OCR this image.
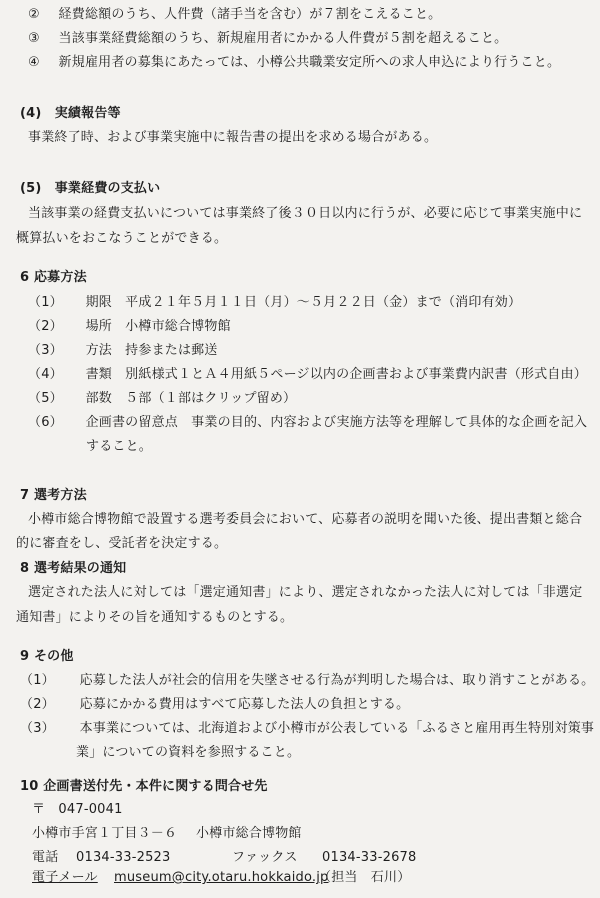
② 経費総額のうち、人件費（諸手当を含む）が７割をこえること。
③ 当該事業経費総額のうち、新規雇用者にかかる人件費が５割を超えること。
④ 新規雇用者の募集にあたっては、小樽公共職業安定所への求人申込により行うこと。
(4)　実績報告等
事業終了時、および事業実施中に報告書の提出を求める場合がある。
(5)　事業経費の支払い
当該事業の経費支払いについては事業終了後３０日以内に行うが、必要に応じて事業実施中に
概算払いをおこなうことができる。
6 応募方法
（1） 期限　平成２１年５月１１日（月）～５月２２日（金）まで（消印有効）
（2） 場所　小樽市総合博物館
（3） 方法　持参または郵送
（4） 書類　別紙様式１とＡ４用紙５ページ以内の企画書および事業費内訳書（形式自由）
（5） 部数　５部（１部はクリップ留め）
（6） 企画書の留意点　事業の目的、内容および実施方法等を理解して具体的な企画を記入
すること。
7 選考方法
小樽市総合博物館で設置する選考委員会において、応募者の説明を聞いた後、提出書類と総合
的に審査をし、受託者を決定する。
8 選考結果の通知
選定された法人に対しては「選定通知書」により、選定されなかった法人に対しては「非選定
通知書」によりその旨を通知するものとする。
9 その他
（1） 応募した法人が社会的信用を失墜させる行為が判明した場合は、取り消すことがある。
（2） 応募にかかる費用はすべて応募した法人の負担とする。
（3） 本事業については、北海道および小樽市が公表している「ふるさと雇用再生特別対策事
業」についての資料を参照すること。
10 企画書送付先・本件に関する問合せ先
〒　047-0041
小樽市手宮１丁目３－６ 小樽市総合博物館
電話 0134-33-2523	ファックス 0134-33-2678
電子メール museum@city.otaru.hokkaido.jp
（担当　石川）
